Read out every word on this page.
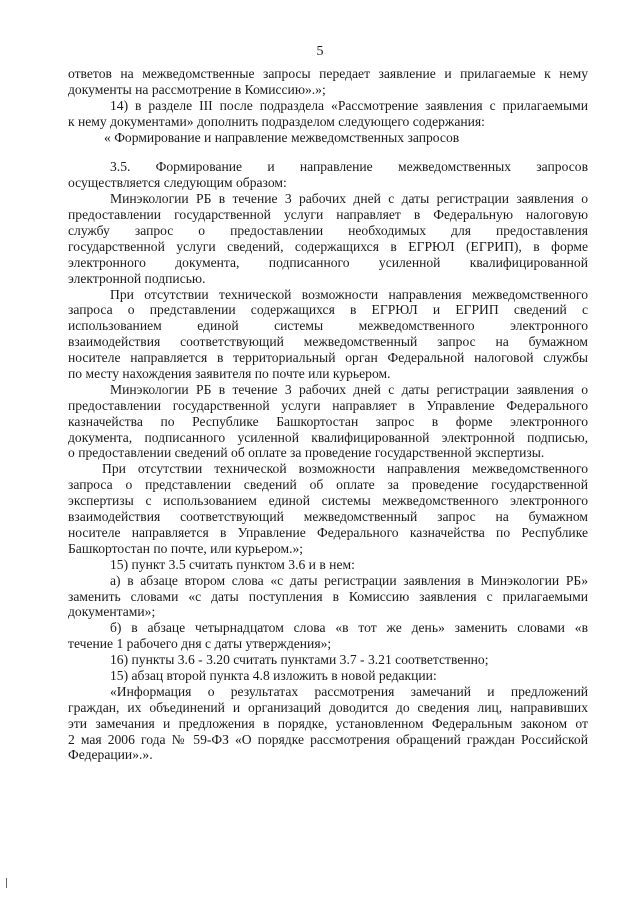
5
ответов на межведомственные запросы передает заявление и прилагаемые к нему
документы на рассмотрение в Комиссию».»;
14) в разделе III после подраздела «Рассмотрение заявления с прилагаемыми
к нему документами» дополнить подразделом следующего содержания:
« Формирование и направление межведомственных запросов
3.5. Формирование и направление межведомственных запросов
осуществляется следующим образом:
Минэкологии РБ в течение 3 рабочих дней с даты регистрации заявления о
предоставлении государственной услуги направляет в Федеральную налоговую
службу запрос о предоставлении необходимых для предоставления
государственной услуги сведений, содержащихся в ЕГРЮЛ (ЕГРИП), в форме
электронного документа, подписанного усиленной квалифицированной
электронной подписью.
При отсутствии технической возможности направления межведомственного
запроса о представлении содержащихся в ЕГРЮЛ и ЕГРИП сведений с
использованием единой системы межведомственного электронного
взаимодействия соответствующий межведомственный запрос на бумажном
носителе направляется в территориальный орган Федеральной налоговой службы
по месту нахождения заявителя по почте или курьером.
Минэкологии РБ в течение 3 рабочих дней с даты регистрации заявления о
предоставлении государственной услуги направляет в Управление Федерального
казначейства по Республике Башкортостан запрос в форме электронного
документа, подписанного усиленной квалифицированной электронной подписью,
о предоставлении сведений об оплате за проведение государственной экспертизы.
При отсутствии технической возможности направления межведомственного
запроса о представлении сведений об оплате за проведение государственной
экспертизы с использованием единой системы межведомственного электронного
взаимодействия соответствующий межведомственный запрос на бумажном
носителе направляется в Управление Федерального казначейства по Республике
Башкортостан по почте, или курьером.»;
15) пункт 3.5 считать пунктом 3.6 и в нем:
а) в абзаце втором слова «с даты регистрации заявления в Минэкологии РБ»
заменить словами «с даты поступления в Комиссию заявления с прилагаемыми
документами»;
б) в абзаце четырнадцатом слова «в тот же день» заменить словами «в
течение 1 рабочего дня с даты утверждения»;
16) пункты 3.6 - 3.20 считать пунктами 3.7 - 3.21 соответственно;
15) абзац второй пункта 4.8 изложить в новой редакции:
«Информация о результатах рассмотрения замечаний и предложений
граждан, их объединений и организаций доводится до сведения лиц, направивших
эти замечания и предложения в порядке, установленном Федеральным законом от
2 мая 2006 года № 59-ФЗ «О порядке рассмотрения обращений граждан Российской
Федерации».».
